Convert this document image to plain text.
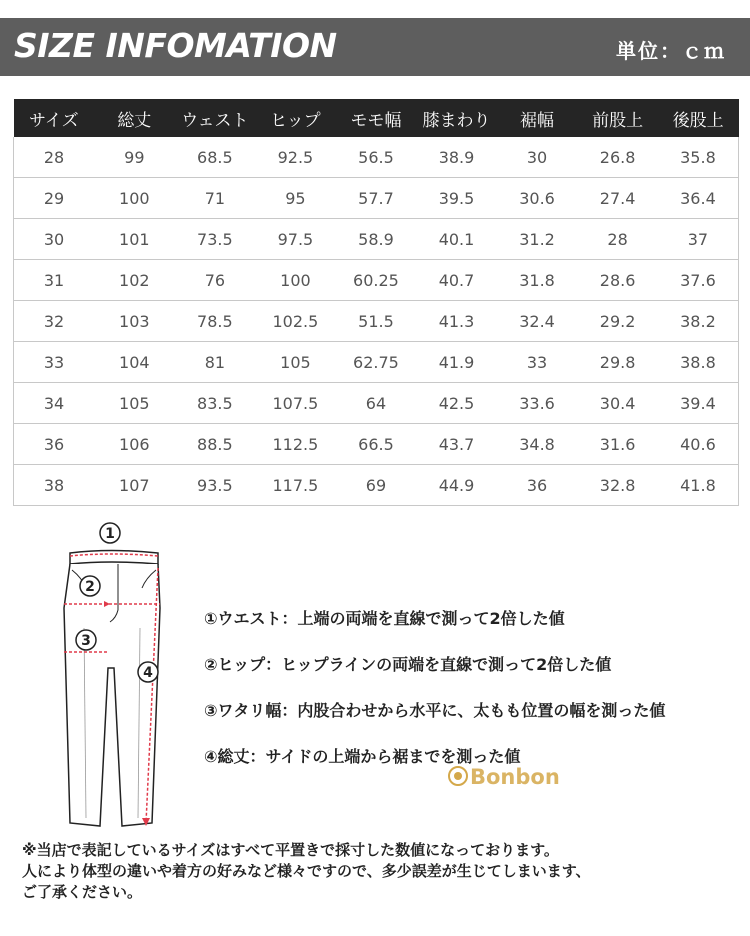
SIZE INFOMATION	単位：ｃｍ
サイズ	総丈	ウェスト	ヒップ	モモ幅	膝まわり	裾幅	前股上	後股上
28	99	68.5	92.5	56.5	38.9	30	26.8	35.8
29	100	71	95	57.7	39.5	30.6	27.4	36.4
30	101	73.5	97.5	58.9	40.1	31.2	28	37
31	102	76	100	60.25	40.7	31.8	28.6	37.6
32	103	78.5	102.5	51.5	41.3	32.4	29.2	38.2
33	104	81	105	62.75	41.9	33	29.8	38.8
34	105	83.5	107.5	64	42.5	33.6	30.4	39.4
36	106	88.5	112.5	66.5	43.7	34.8	31.6	40.6
38	107	93.5	117.5	69	44.9	36	32.8	41.8
1
2
3
4
①ウエスト：上端の両端を直線で測って2倍した値
②ヒップ：ヒップラインの両端を直線で測って2倍した値
③ワタリ幅：内股合わせから水平に、太もも位置の幅を測った値
④総丈：サイドの上端から裾までを測った値
Bonbon
※当店で表記しているサイズはすべて平置きで採寸した数値になっております。
人により体型の違いや着方の好みなど様々ですので、多少誤差が生じてしまいます、
ご了承ください。
